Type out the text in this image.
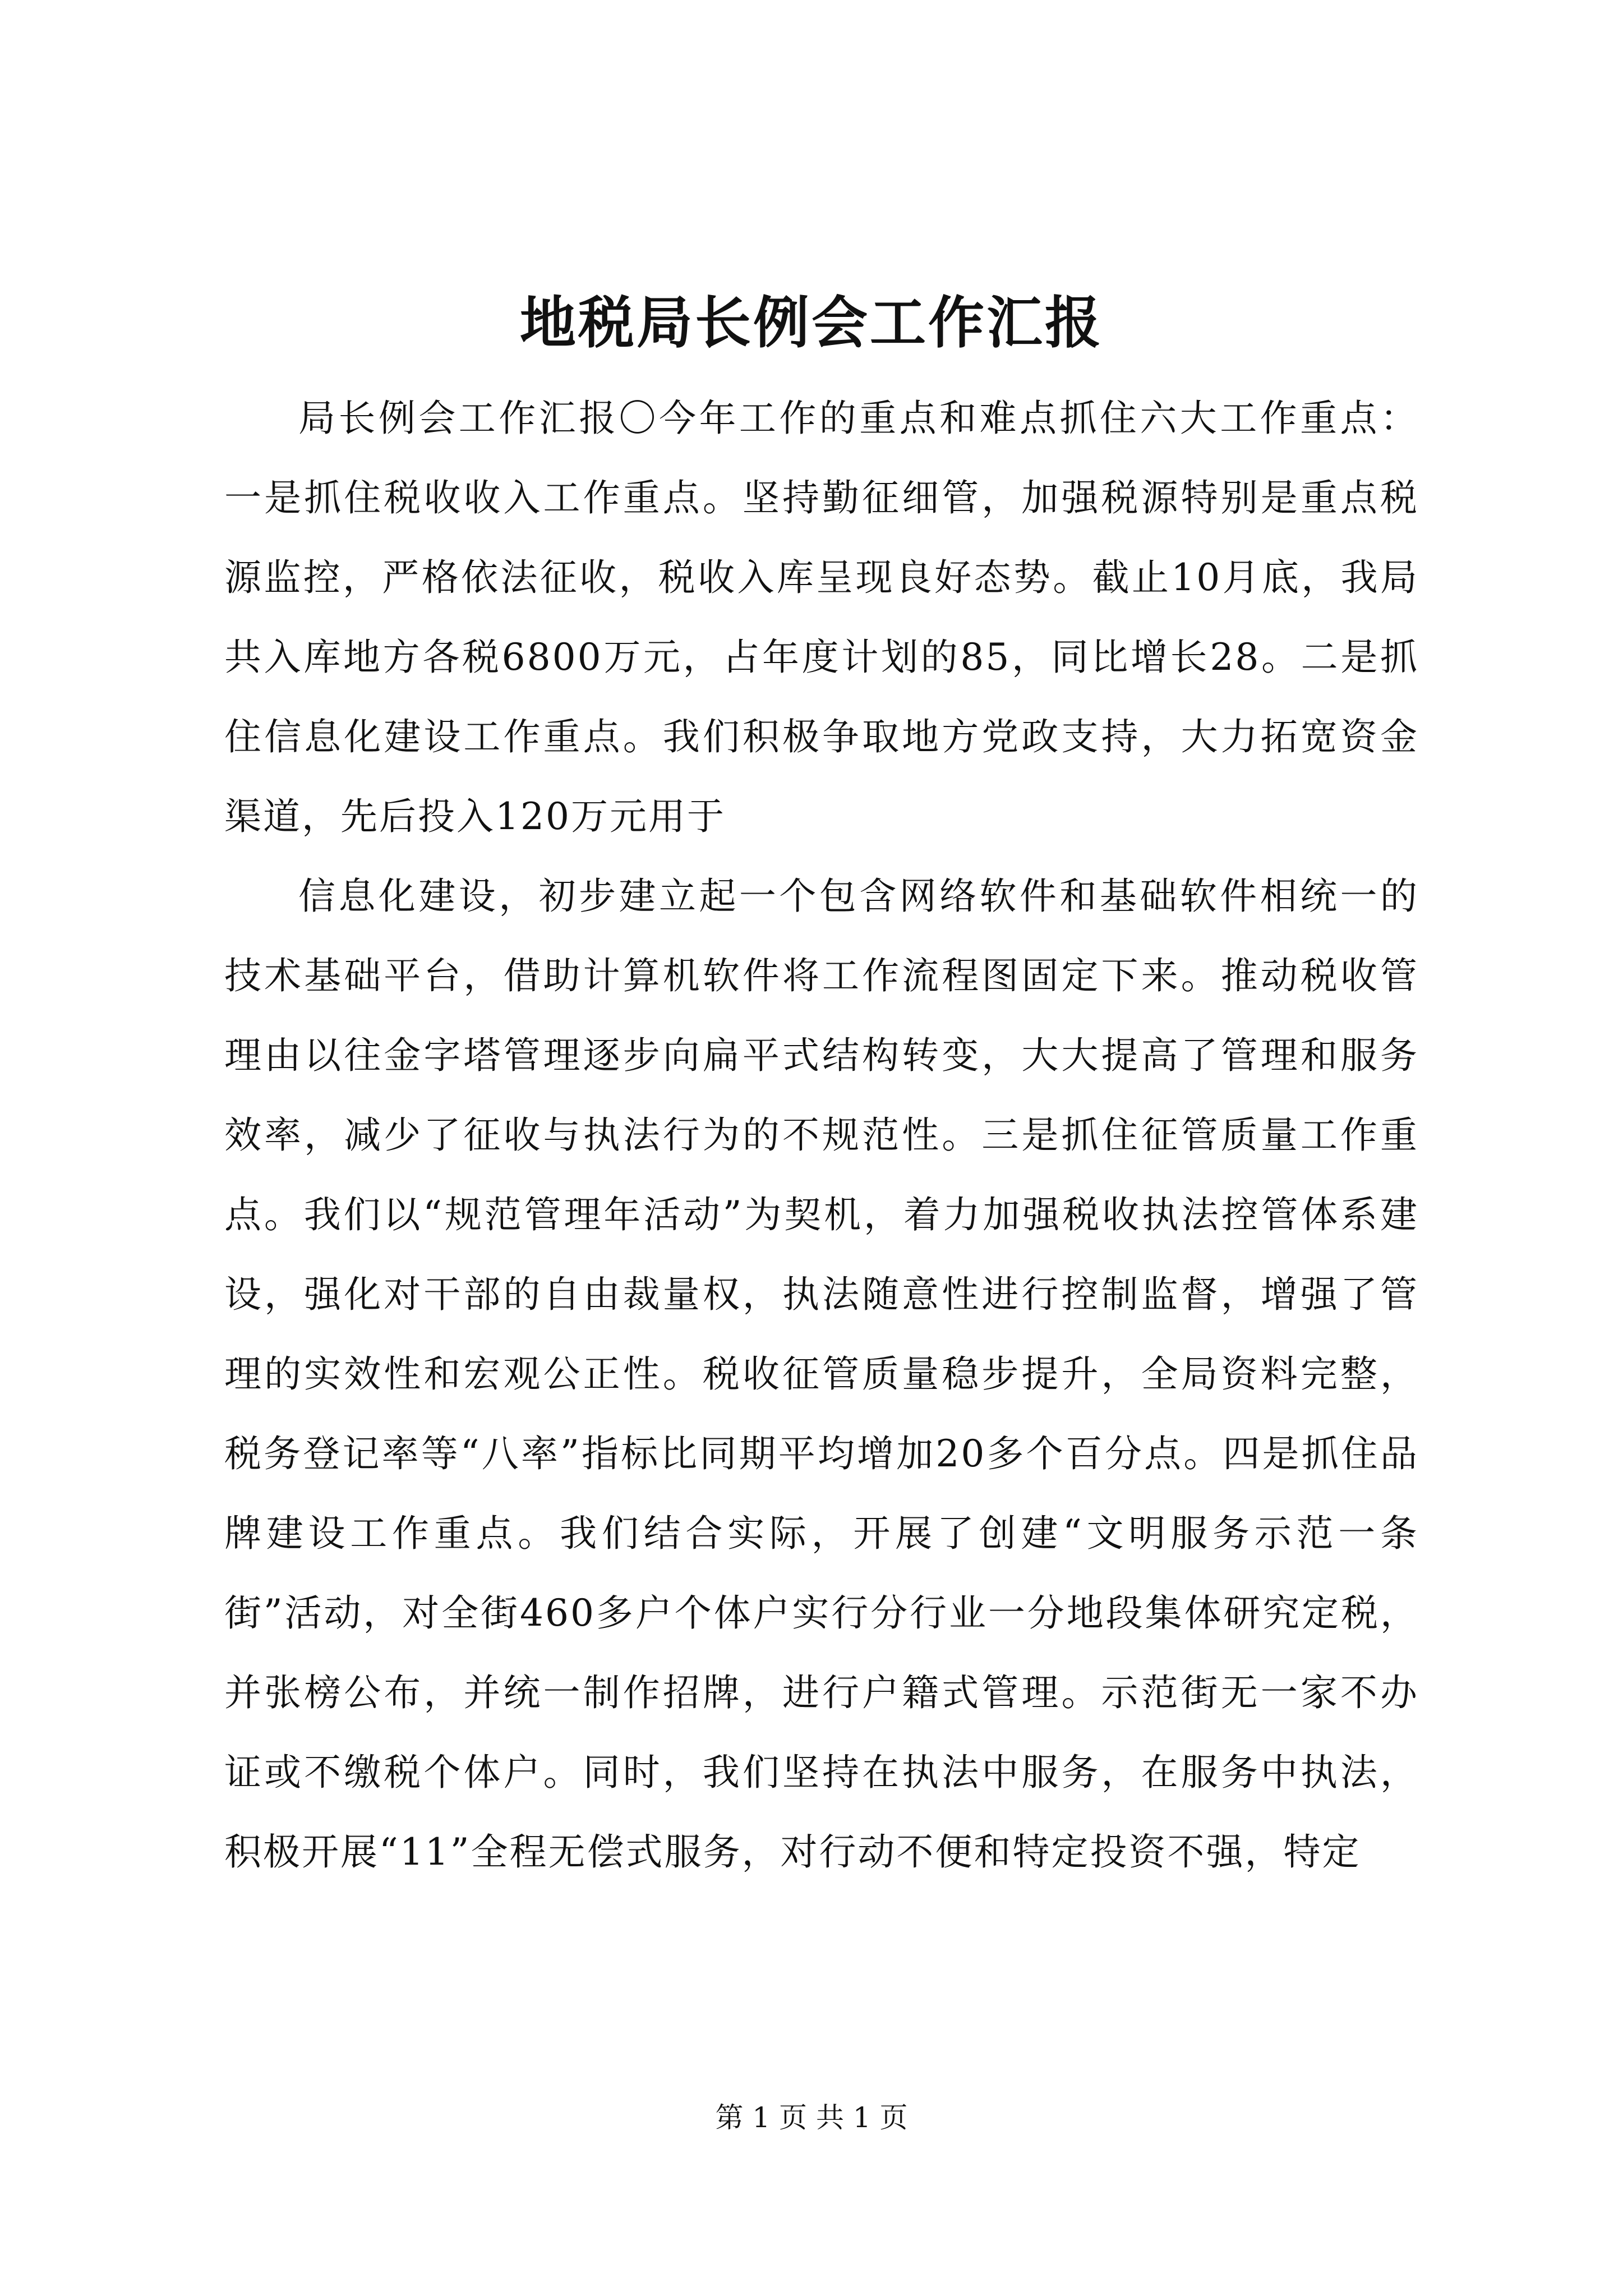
地税局长例会工作汇报

局长例会工作汇报〇今年工作的重点和难点抓住六大工作重点：一是抓住税收收入工作重点。坚持勤征细管，加强税源特别是重点税源监控，严格依法征收，税收入库呈现良好态势。截止10月底，我局共入库地方各税6800万元，占年度计划的85，同比增长28。二是抓住信息化建设工作重点。我们积极争取地方党政支持，大力拓宽资金渠道，先后投入120万元用于

信息化建设，初步建立起一个包含网络软件和基础软件相统一的技术基础平台，借助计算机软件将工作流程图固定下来。推动税收管理由以往金字塔管理逐步向扁平式结构转变，大大提高了管理和服务效率，减少了征收与执法行为的不规范性。三是抓住征管质量工作重点。我们以“规范管理年活动”为契机，着力加强税收执法控管体系建设，强化对干部的自由裁量权，执法随意性进行控制监督，增强了管理的实效性和宏观公正性。税收征管质量稳步提升，全局资料完整，税务登记率等“八率”指标比同期平均增加20多个百分点。四是抓住品牌建设工作重点。我们结合实际，开展了创建“文明服务示范一条街”活动，对全街460多户个体户实行分行业一分地段集体研究定税，并张榜公布，并统一制作招牌，进行户籍式管理。示范街无一家不办证或不缴税个体户。同时，我们坚持在执法中服务，在服务中执法，积极开展“11”全程无偿式服务，对行动不便和特定投资不强，特定

第 1 页 共 1 页
